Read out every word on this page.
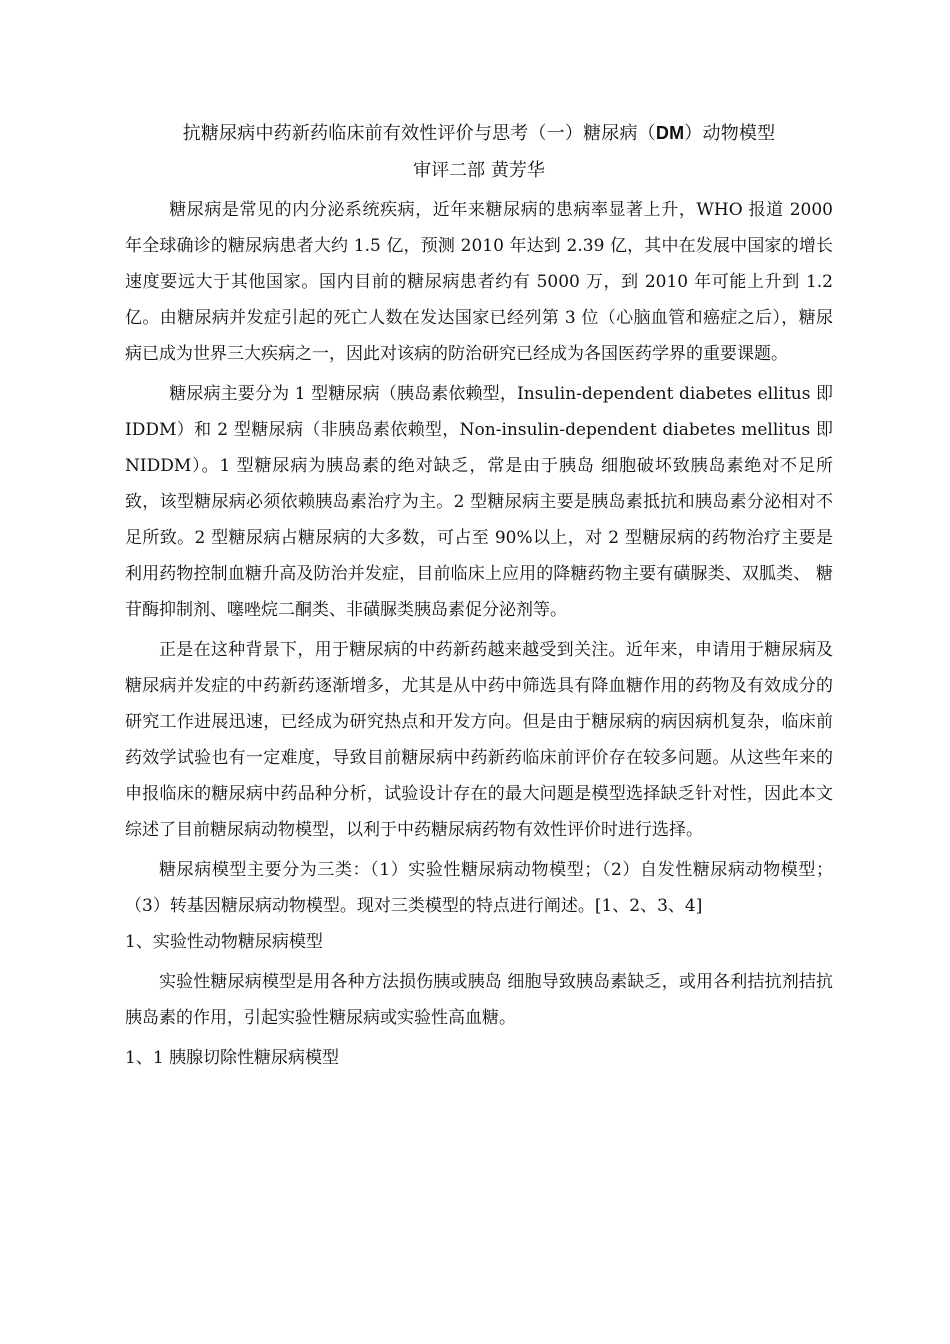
抗糖尿病中药新药临床前有效性评价与思考（一）糖尿病（DM）动物模型
审评二部 黄芳华

糖尿病是常见的内分泌系统疾病，近年来糖尿病的患病率显著上升，WHO 报道 2000 年全球确诊的糖尿病患者大约 1.5 亿，预测 2010 年达到 2.39 亿，其中在发展中国家的增长速度要远大于其他国家。国内目前的糖尿病患者约有 5000 万，到 2010 年可能上升到 1.2 亿。由糖尿病并发症引起的死亡人数在发达国家已经列第 3 位（心脑血管和癌症之后），糖尿病已成为世界三大疾病之一，因此对该病的防治研究已经成为各国医药学界的重要课题。

糖尿病主要分为 1 型糖尿病（胰岛素依赖型，Insulin-dependent diabetes ellitus 即 IDDM）和 2 型糖尿病（非胰岛素依赖型，Non-insulin-dependent diabetes mellitus 即 NIDDM）。1 型糖尿病为胰岛素的绝对缺乏，常是由于胰岛 细胞破坏致胰岛素绝对不足所致，该型糖尿病必须依赖胰岛素治疗为主。2 型糖尿病主要是胰岛素抵抗和胰岛素分泌相对不足所致。2 型糖尿病占糖尿病的大多数，可占至 90%以上，对 2 型糖尿病的药物治疗主要是利用药物控制血糖升高及防治并发症，目前临床上应用的降糖药物主要有磺脲类、双胍类、 糖苷酶抑制剂、噻唑烷二酮类、非磺脲类胰岛素促分泌剂等。

正是在这种背景下，用于糖尿病的中药新药越来越受到关注。近年来，申请用于糖尿病及糖尿病并发症的中药新药逐渐增多，尤其是从中药中筛选具有降血糖作用的药物及有效成分的研究工作进展迅速，已经成为研究热点和开发方向。但是由于糖尿病的病因病机复杂，临床前药效学试验也有一定难度，导致目前糖尿病中药新药临床前评价存在较多问题。从这些年来的申报临床的糖尿病中药品种分析，试验设计存在的最大问题是模型选择缺乏针对性，因此本文综述了目前糖尿病动物模型，以利于中药糖尿病药物有效性评价时进行选择。

糖尿病模型主要分为三类：（1）实验性糖尿病动物模型；（2）自发性糖尿病动物模型；（3）转基因糖尿病动物模型。现对三类模型的特点进行阐述。[1、2、3、4]

1、实验性动物糖尿病模型

实验性糖尿病模型是用各种方法损伤胰或胰岛 细胞导致胰岛素缺乏，或用各利拮抗剂拮抗胰岛素的作用，引起实验性糖尿病或实验性高血糖。

1、1 胰腺切除性糖尿病模型
